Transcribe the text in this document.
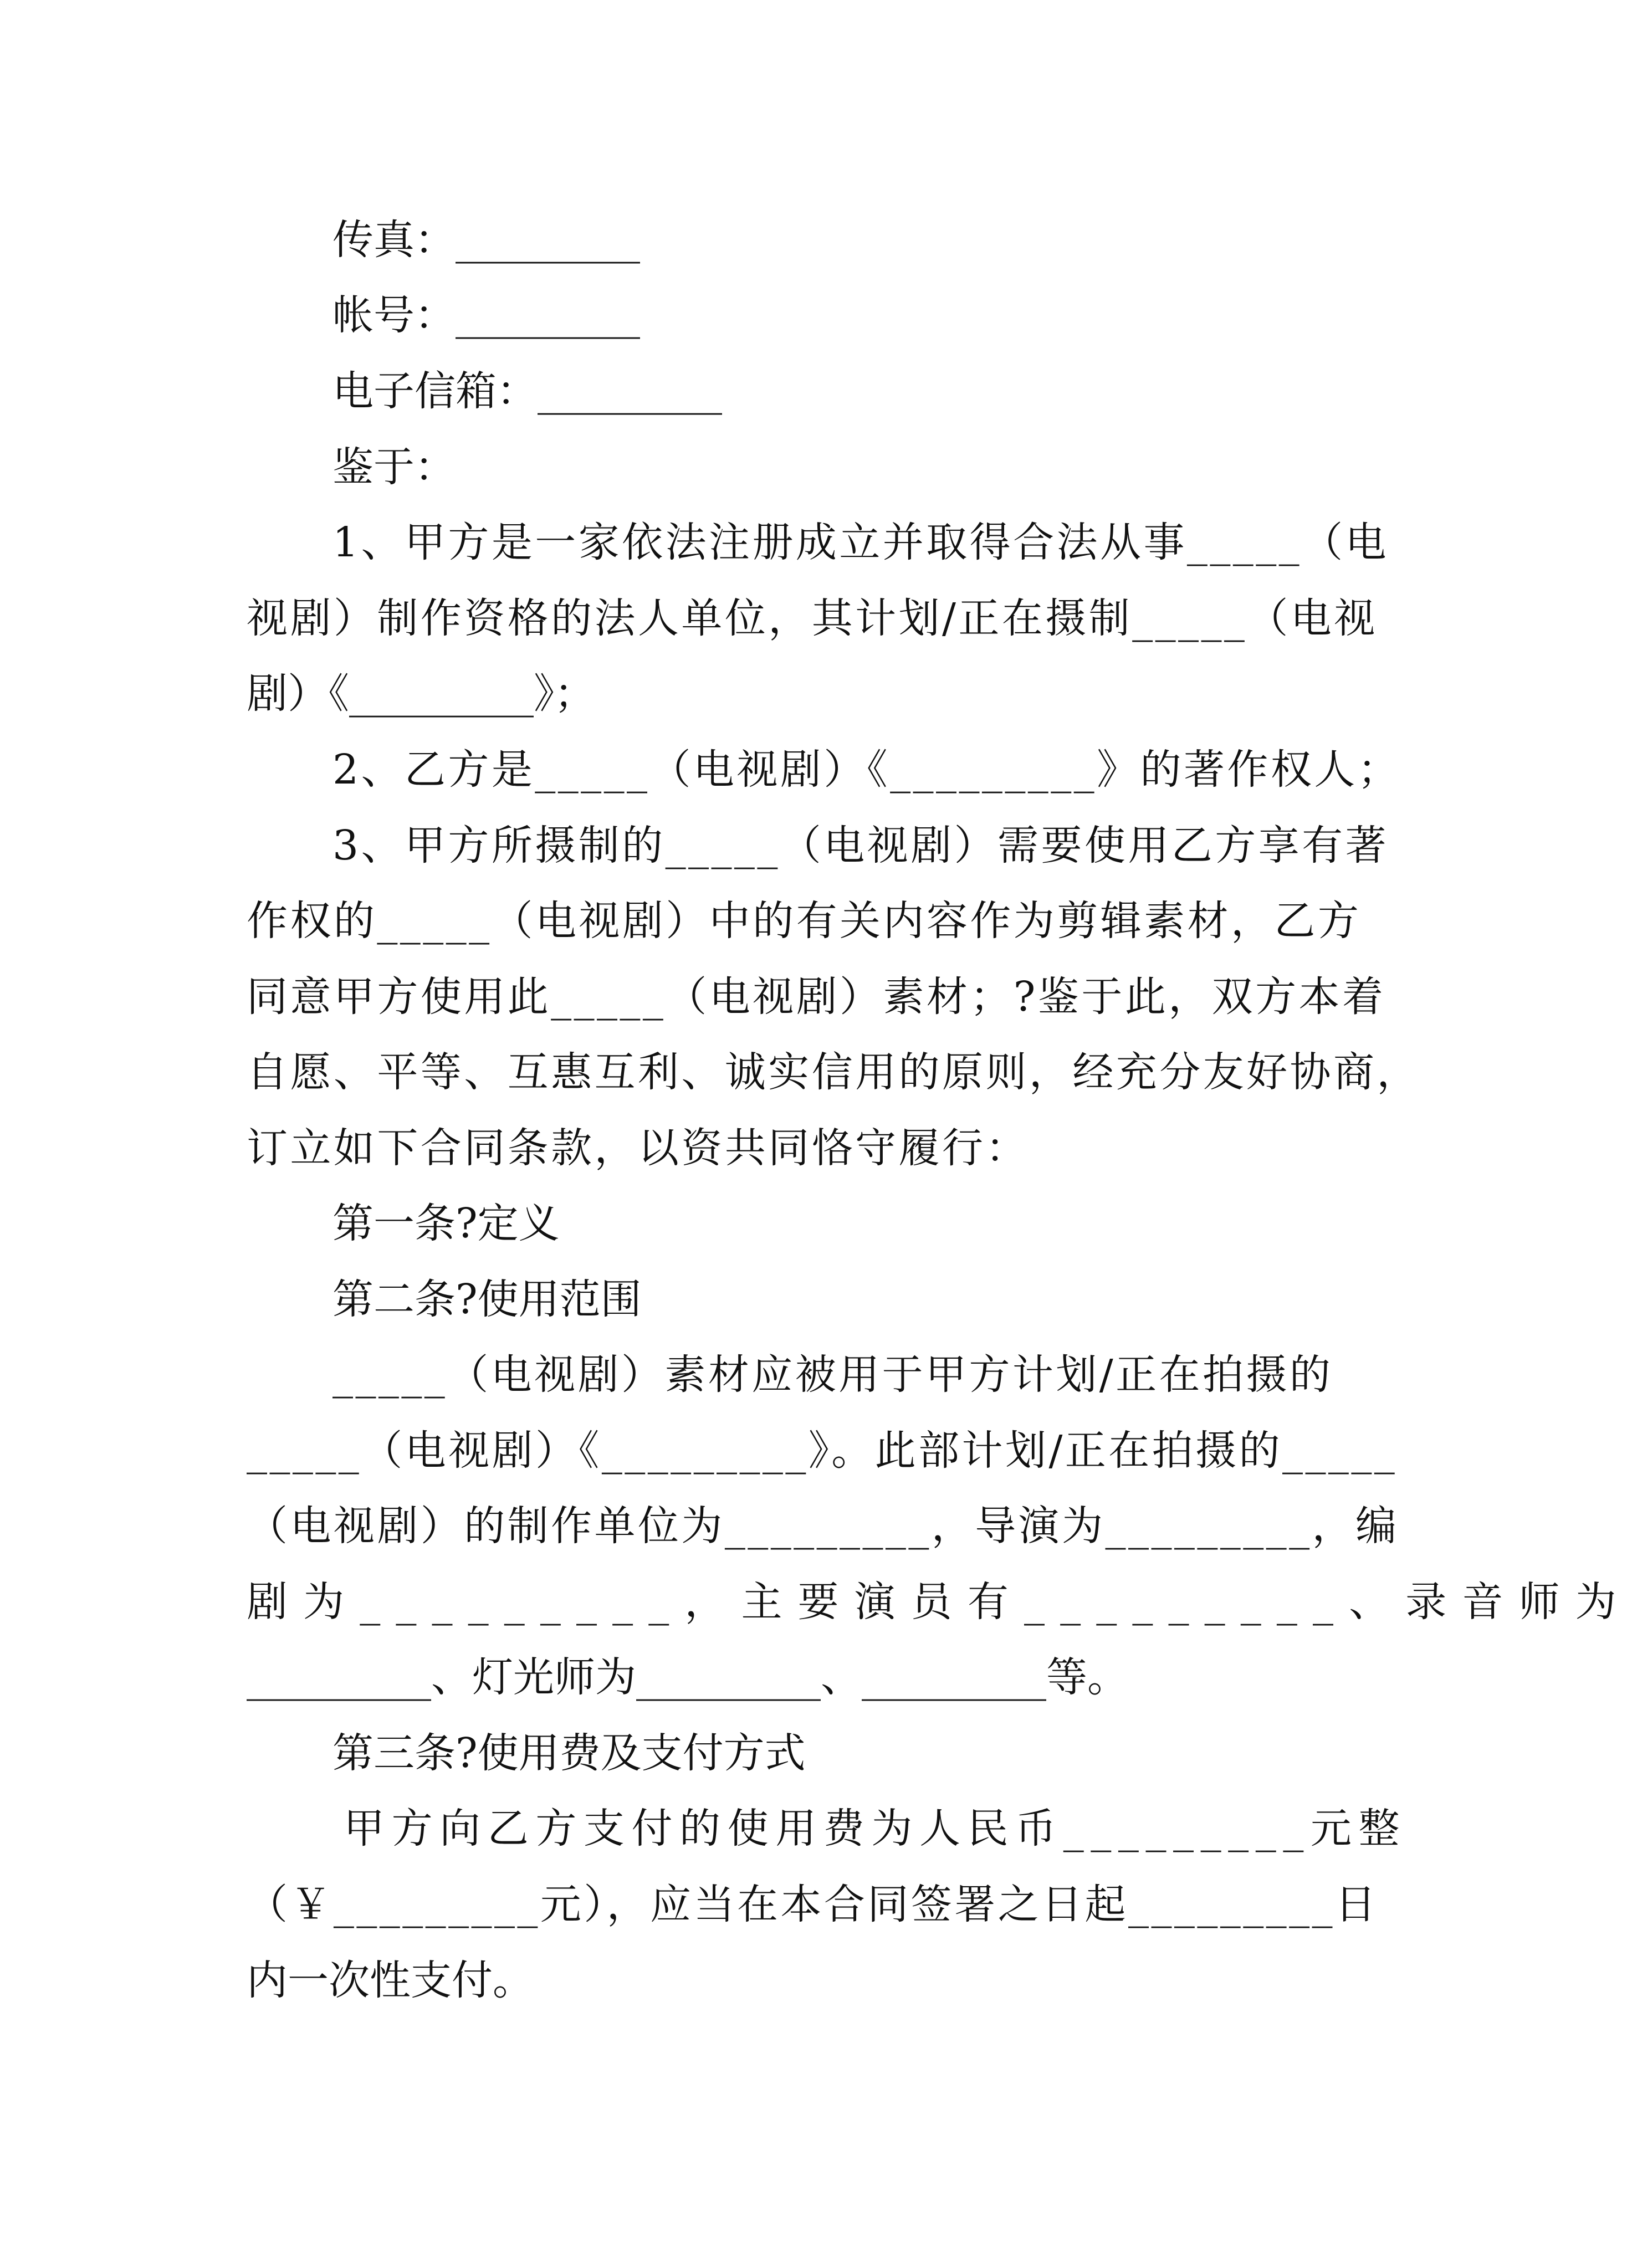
传真：_________
帐号：_________
电子信箱：_________
鉴于：
1、甲方是一家依法注册成立并取得合法从事_____（电
视剧）制作资格的法人单位，其计划/正在摄制_____（电视
剧）《_________》；
2、乙方是_____（电视剧）《_________》的著作权人；
3、甲方所摄制的_____（电视剧）需要使用乙方享有著
作权的_____（电视剧）中的有关内容作为剪辑素材，乙方
同意甲方使用此_____（电视剧）素材；?鉴于此，双方本着
自愿、平等、互惠互利、诚实信用的原则，经充分友好协商，
订立如下合同条款，以资共同恪守履行：
第一条?定义
第二条?使用范围
_____（电视剧）素材应被用于甲方计划/正在拍摄的
_____（电视剧）《_________》。此部计划/正在拍摄的_____
（电视剧）的制作单位为_________，导演为_________，编
剧为_________，主要演员有_________、录音师为
_________、灯光师为_________、_________等。
第三条?使用费及支付方式
甲方向乙方支付的使用费为人民币_________元整
（￥_________元），应当在本合同签署之日起_________日
内一次性支付。
